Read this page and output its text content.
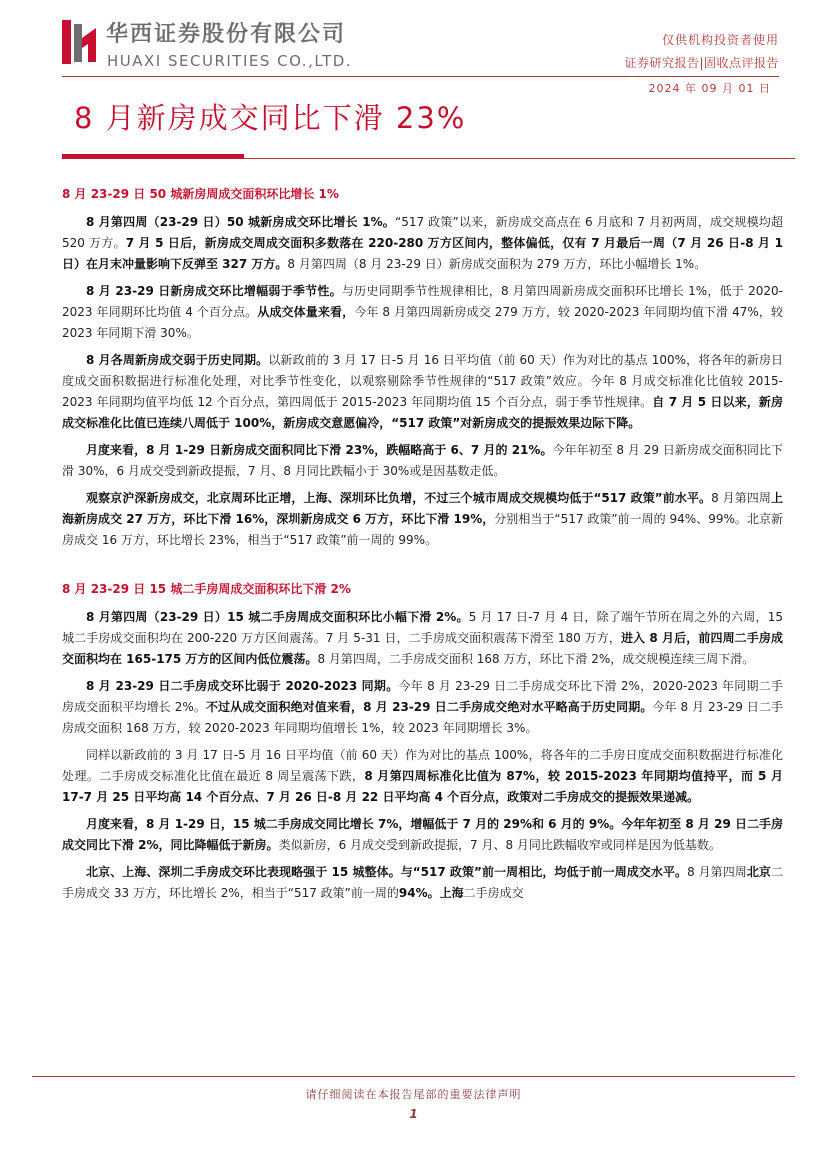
华西证券股份有限公司
HUAXI SECURITIES CO.,LTD.
仅供机构投资者使用
证券研究报告|固收点评报告
2024 年 09 月 01 日
8 月新房成交同比下滑 23%
8 月 23-29 日 50 城新房周成交面积环比增长 1%

8 月第四周（23-29 日）50 城新房成交环比增长 1%。“517 政策”以来，新房成交高点在 6 月底和 7 月初两周，成交规模均超 520 万方。7 月 5 日后，新房成交周成交面积多数落在 220-280 万方区间内，整体偏低，仅有 7 月最后一周（7 月 26 日-8 月 1 日）在月末冲量影响下反弹至 327 万方。8 月第四周（8 月 23-29 日）新房成交面积为 279 万方，环比小幅增长 1%。

8 月 23-29 日新房成交环比增幅弱于季节性。与历史同期季节性规律相比，8 月第四周新房成交面积环比增长 1%，低于 2020-2023 年同期环比均值 4 个百分点。从成交体量来看，今年 8 月第四周新房成交 279 万方，较 2020-2023 年同期均值下滑 47%，较 2023 年同期下滑 30%。

8 月各周新房成交弱于历史同期。以新政前的 3 月 17 日-5 月 16 日平均值（前 60 天）作为对比的基点 100%，将各年的新房日度成交面积数据进行标准化处理，对比季节性变化，以观察剔除季节性规律的“517 政策”效应。今年 8 月成交标准化比值较 2015-2023 年同期均值平均低 12 个百分点，第四周低于 2015-2023 年同期均值 15 个百分点，弱于季节性规律。自 7 月 5 日以来，新房成交标准化比值已连续八周低于 100%，新房成交意愿偏冷，“517 政策”对新房成交的提振效果边际下降。

月度来看，8 月 1-29 日新房成交面积同比下滑 23%，跌幅略高于 6、7 月的 21%。今年年初至 8 月 29 日新房成交面积同比下滑 30%，6 月成交受到新政提振，7 月、8 月同比跌幅小于 30%或是因基数走低。

观察京沪深新房成交，北京周环比正增，上海、深圳环比负增，不过三个城市周成交规模均低于“517 政策”前水平。8 月第四周上海新房成交 27 万方，环比下滑 16%，深圳新房成交 6 万方，环比下滑 19%，分别相当于“517 政策”前一周的 94%、99%。北京新房成交 16 万方，环比增长 23%，相当于“517 政策”前一周的 99%。

8 月 23-29 日 15 城二手房周成交面积环比下滑 2%

8 月第四周（23-29 日）15 城二手房周成交面积环比小幅下滑 2%。5 月 17 日-7 月 4 日，除了端午节所在周之外的六周，15 城二手房成交面积均在 200-220 万方区间震荡。7 月 5-31 日，二手房成交面积震荡下滑至 180 万方，进入 8 月后，前四周二手房成交面积均在 165-175 万方的区间内低位震荡。8 月第四周，二手房成交面积 168 万方，环比下滑 2%，成交规模连续三周下滑。

8 月 23-29 日二手房成交环比弱于 2020-2023 同期。今年 8 月 23-29 日二手房成交环比下滑 2%，2020-2023 年同期二手房成交面积平均增长 2%。不过从成交面积绝对值来看，8 月 23-29 日二手房成交绝对水平略高于历史同期。今年 8 月 23-29 日二手房成交面积 168 万方，较 2020-2023 年同期均值增长 1%，较 2023 年同期增长 3%。

同样以新政前的 3 月 17 日-5 月 16 日平均值（前 60 天）作为对比的基点 100%，将各年的二手房日度成交面积数据进行标准化处理。二手房成交标准化比值在最近 8 周呈震荡下跌，8 月第四周标准化比值为 87%，较 2015-2023 年同期均值持平，而 5 月 17-7 月 25 日平均高 14 个百分点、7 月 26 日-8 月 22 日平均高 4 个百分点，政策对二手房成交的提振效果递减。

月度来看，8 月 1-29 日，15 城二手房成交同比增长 7%，增幅低于 7 月的 29%和 6 月的 9%。今年年初至 8 月 29 日二手房成交同比下滑 2%，同比降幅低于新房。类似新房，6 月成交受到新政提振，7 月、8 月同比跌幅收窄或同样是因为低基数。

北京、上海、深圳二手房成交环比表现略强于 15 城整体。与“517 政策”前一周相比，均低于前一周成交水平。8 月第四周北京二手房成交 33 万方，环比增长 2%，相当于“517 政策”前一周的94%。上海二手房成交

请仔细阅读在本报告尾部的重要法律声明
1
